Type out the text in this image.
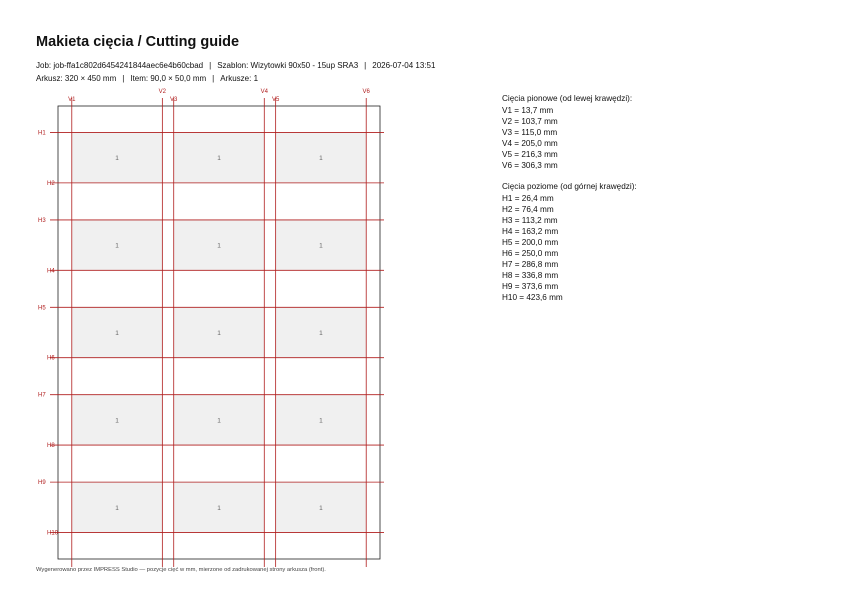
Makieta cięcia / Cutting guide
Job: job-ffa1c802d6454241844aec6e4b60cbad | Szablon: Wizytowki 90x50 - 15up SRA3 | 2026-07-04 13:51
Arkusz: 320 × 450 mm | Item: 90,0 × 50,0 mm | Arkusze: 1
1	1	1
1	1	1
1	1	1
1	1	1
1	1	1
V1
V2
V3
V4
V5
V6
H1
H2
H3
H4
H5
H6
H7
H8
H9
H10
Cięcia pionowe (od lewej krawędzi):
V1 = 13,7 mm
V2 = 103,7 mm
V3 = 115,0 mm
V4 = 205,0 mm
V5 = 216,3 mm
V6 = 306,3 mm
Cięcia poziome (od górnej krawędzi):
H1 = 26,4 mm
H2 = 76,4 mm
H3 = 113,2 mm
H4 = 163,2 mm
H5 = 200,0 mm
H6 = 250,0 mm
H7 = 286,8 mm
H8 = 336,8 mm
H9 = 373,6 mm
H10 = 423,6 mm
Wygenerowano przez IMPRESS Studio — pozycje cięć w mm, mierzone od zadrukowanej strony arkusza (front).
